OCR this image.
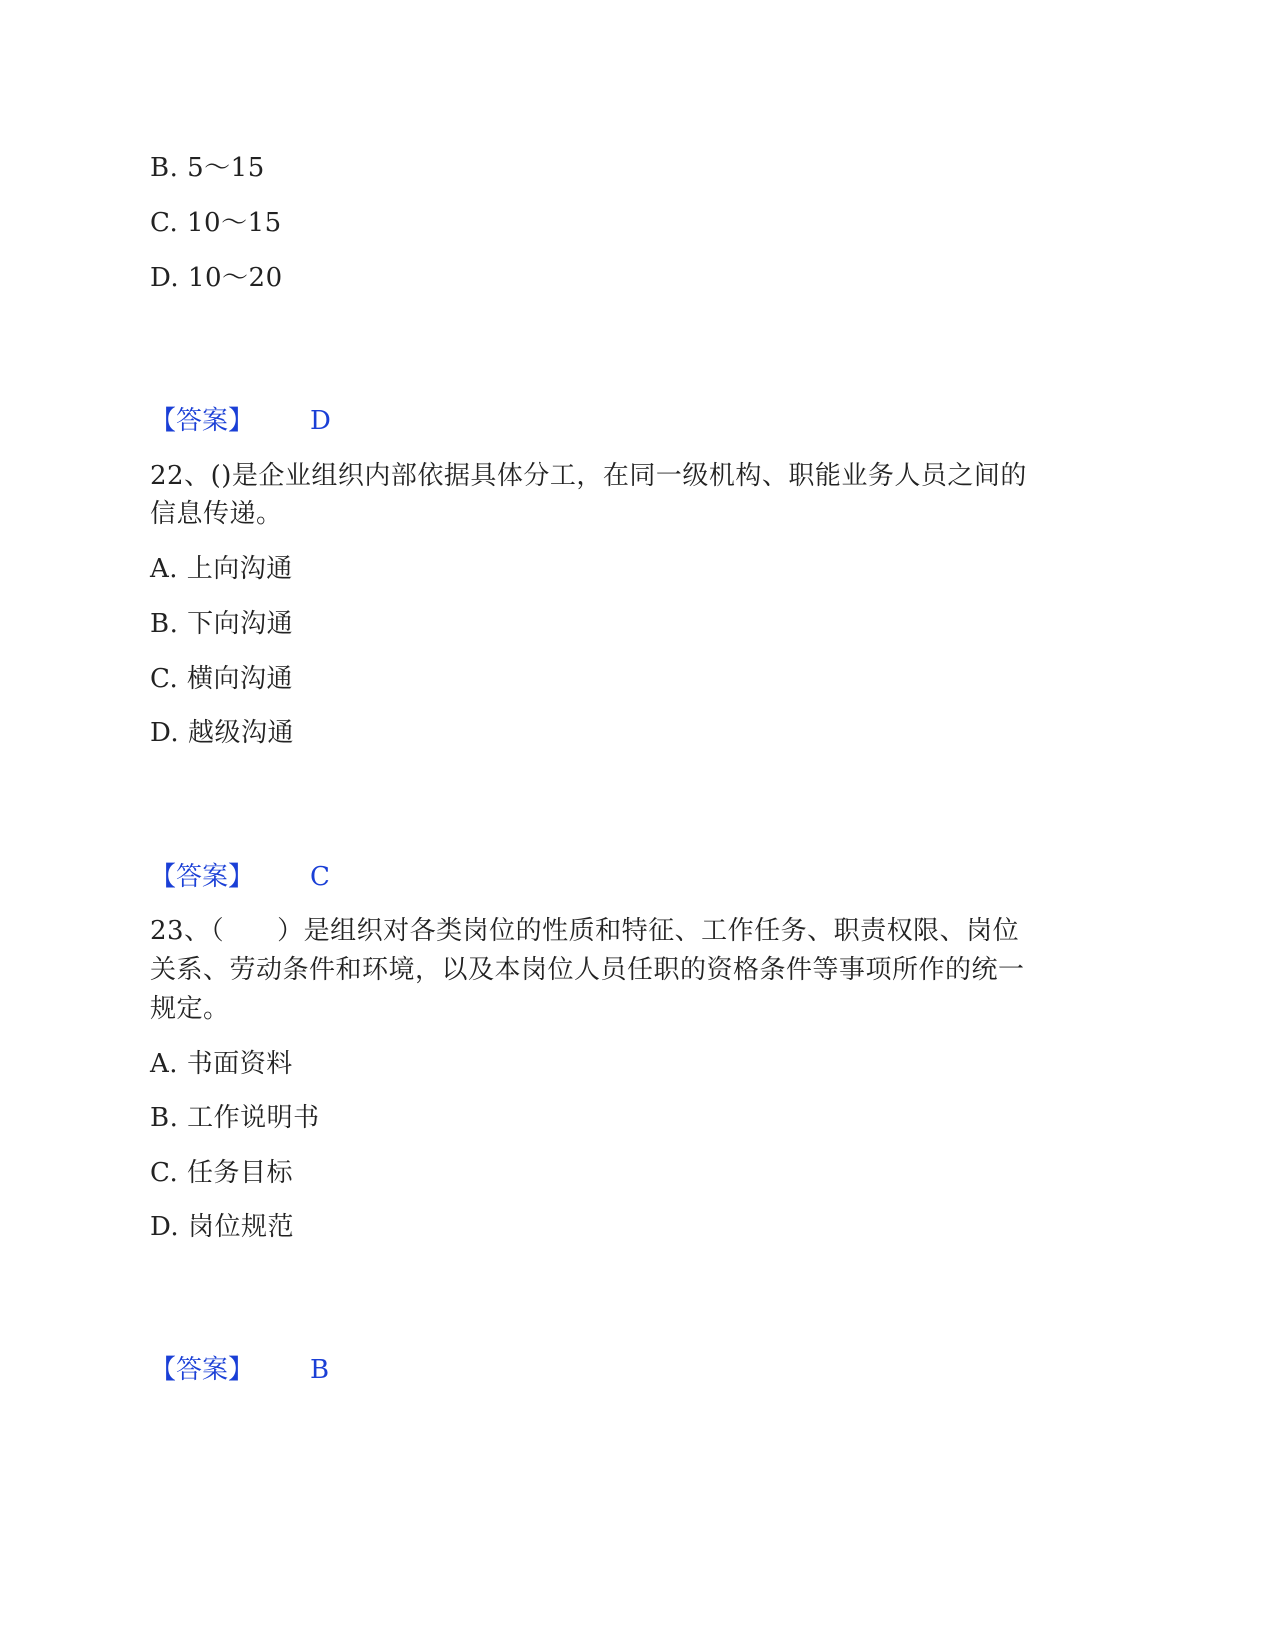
B. 5～15
C. 10～15
D. 10～20
【答案】 D
22、()是企业组织内部依据具体分工，在同一级机构、职能业务人员之间的
信息传递。
A. 上向沟通
B. 下向沟通
C. 横向沟通
D. 越级沟通
【答案】 C
23、（　　）是组织对各类岗位的性质和特征、工作任务、职责权限、岗位
关系、劳动条件和环境，以及本岗位人员任职的资格条件等事项所作的统一
规定。
A. 书面资料
B. 工作说明书
C. 任务目标
D. 岗位规范
【答案】 B
